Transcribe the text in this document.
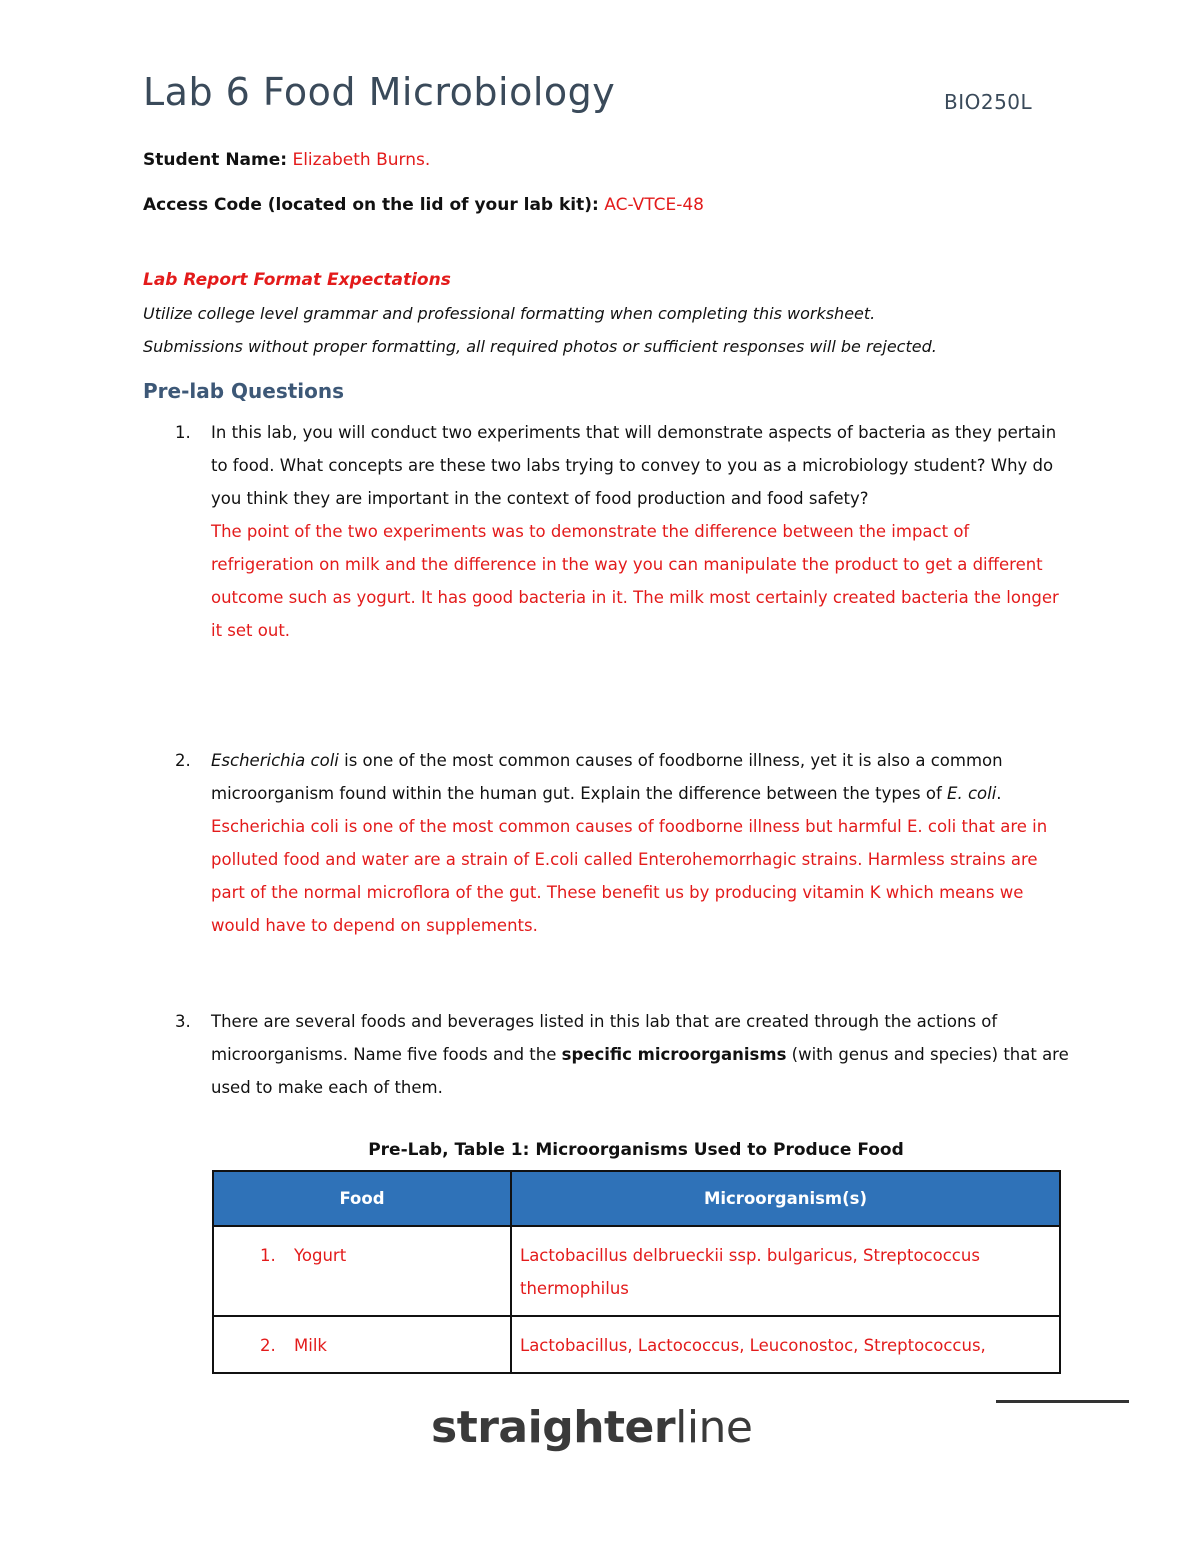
Lab 6 Food Microbiology	BIO250L
Student Name: Elizabeth Burns.
Access Code (located on the lid of your lab kit): AC-VTCE-48
Lab Report Format Expectations
Utilize college level grammar and professional formatting when completing this worksheet.
Submissions without proper formatting, all required photos or sufficient responses will be rejected.
Pre-lab Questions
1.	In this lab, you will conduct two experiments that will demonstrate aspects of bacteria as they pertain to food. What concepts are these two labs trying to convey to you as a microbiology student? Why do you think they are important in the context of food production and food safety?

The point of the two experiments was to demonstrate the difference between the impact of refrigeration on milk and the difference in the way you can manipulate the product to get a different outcome such as yogurt. It has good bacteria in it. The milk most certainly created bacteria the longer it set out.

2.	Escherichia coli is one of the most common causes of foodborne illness, yet it is also a common microorganism found within the human gut. Explain the difference between the types of E. coli.

Escherichia coli is one of the most common causes of foodborne illness but harmful E. coli that are in polluted food and water are a strain of E.coli called Enterohemorrhagic strains. Harmless strains are part of the normal microflora of the gut. These benefit us by producing vitamin K which means we would have to depend on supplements.

3.	There are several foods and beverages listed in this lab that are created through the actions of microorganisms. Name five foods and the specific microorganisms (with genus and species) that are used to make each of them.

Pre-Lab, Table 1: Microorganisms Used to Produce Food
Food	Microorganism(s)
1. Yogurt	Lactobacillus delbrueckii ssp. bulgaricus, Streptococcus thermophilus
2. Milk	Lactobacillus, Lactococcus, Leuconostoc, Streptococcus,
straighterline
